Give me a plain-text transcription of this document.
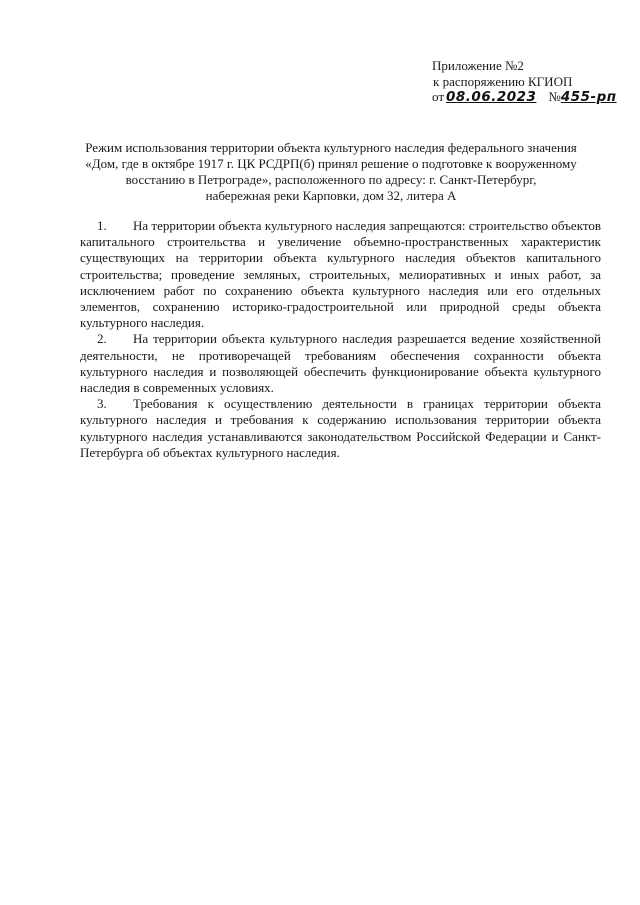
Приложение №2
к распоряжению КГИОП
от 08.06.2023 №455-рп
Режим использования территории объекта культурного наследия федерального значения
«Дом, где в октябре 1917 г. ЦК РСДРП(б) принял решение о подготовке к вооруженному
восстанию в Петрограде», расположенного по адресу: г. Санкт-Петербург,
набережная реки Карповки, дом 32, литера А

1. На территории объекта культурного наследия запрещаются: строительство объектов капитального строительства и увеличение объемно-пространственных характеристик существующих на территории объекта культурного наследия объектов капитального строительства; проведение земляных, строительных, мелиоративных и иных работ, за исключением работ по сохранению объекта культурного наследия или его отдельных элементов, сохранению историко-градостроительной или природной среды объекта культурного наследия.

2. На территории объекта культурного наследия разрешается ведение хозяйственной деятельности, не противоречащей требованиям обеспечения сохранности объекта культурного наследия и позволяющей обеспечить функционирование объекта культурного наследия в современных условиях.

3. Требования к осуществлению деятельности в границах территории объекта культурного наследия и требования к содержанию использования территории объекта культурного наследия устанавливаются законодательством Российской Федерации и Санкт-Петербурга об объектах культурного наследия.
